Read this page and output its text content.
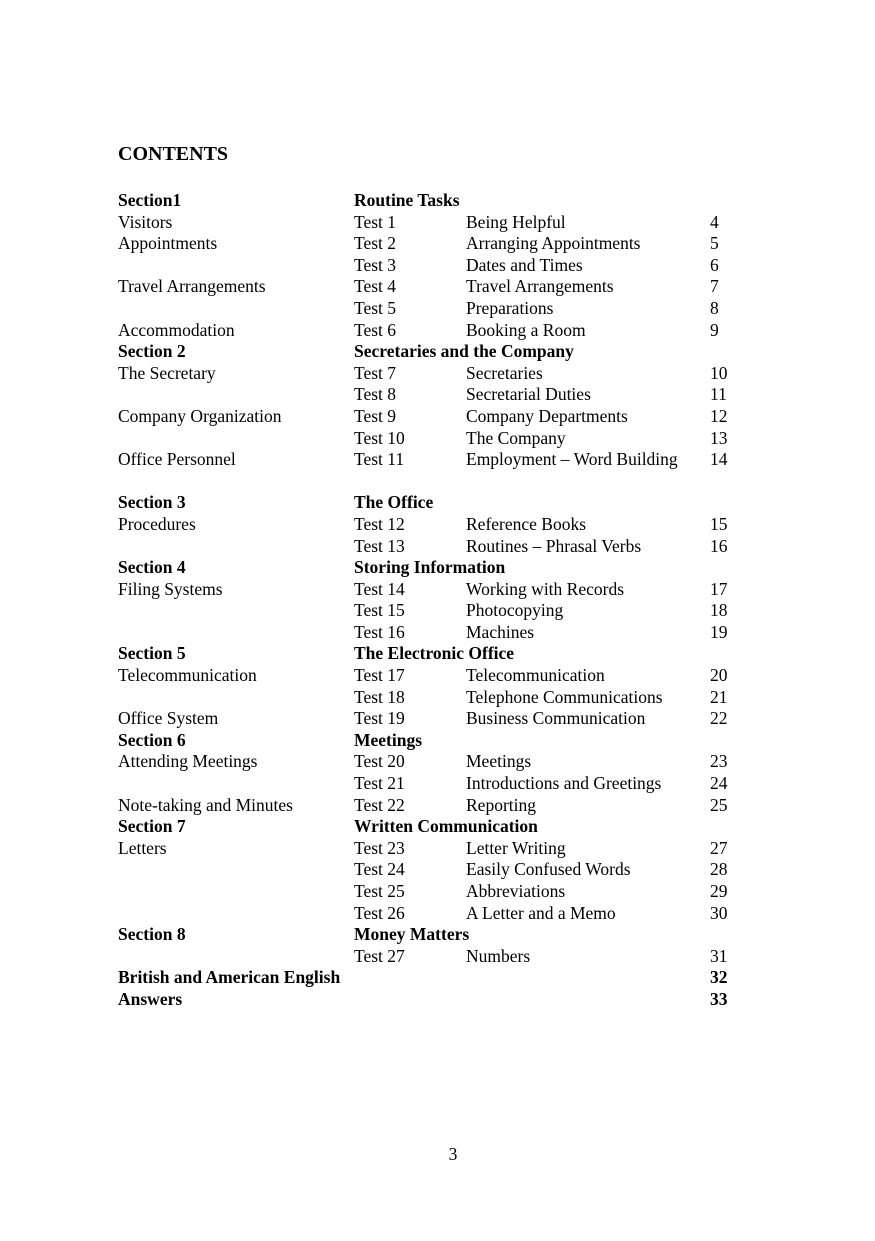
CONTENTS
Section1	Routine Tasks
Visitors	Test 1	Being Helpful	4
Appointments	Test 2	Arranging Appointments	5
Test 3	Dates and Times	6
Travel Arrangements	Test 4	Travel Arrangements	7
Test 5	Preparations	8
Accommodation	Test 6	Booking a Room	9
Section 2	Secretaries and the Company
The Secretary	Test 7	Secretaries	10
Test 8	Secretarial Duties	11
Company Organization	Test 9	Company Departments	12
Test 10	The Company	13
Office Personnel	Test 11	Employment – Word Building	14
Section 3	The Office
Procedures	Test 12	Reference Books	15
Test 13	Routines – Phrasal Verbs	16
Section 4	Storing Information
Filing Systems	Test 14	Working with Records	17
Test 15	Photocopying	18
Test 16	Machines	19
Section 5	The Electronic Office
Telecommunication	Test 17	Telecommunication	20
Test 18	Telephone Communications	21
Office System	Test 19	Business Communication	22
Section 6	Meetings
Attending Meetings	Test 20	Meetings	23
Test 21	Introductions and Greetings	24
Note-taking and Minutes	Test 22	Reporting	25
Section 7	Written Communication
Letters	Test 23	Letter Writing	27
Test 24	Easily Confused Words	28
Test 25	Abbreviations	29
Test 26	A Letter and a Memo	30
Section 8	Money Matters
Test 27	Numbers	31
British and American English	32
Answers	33
3
